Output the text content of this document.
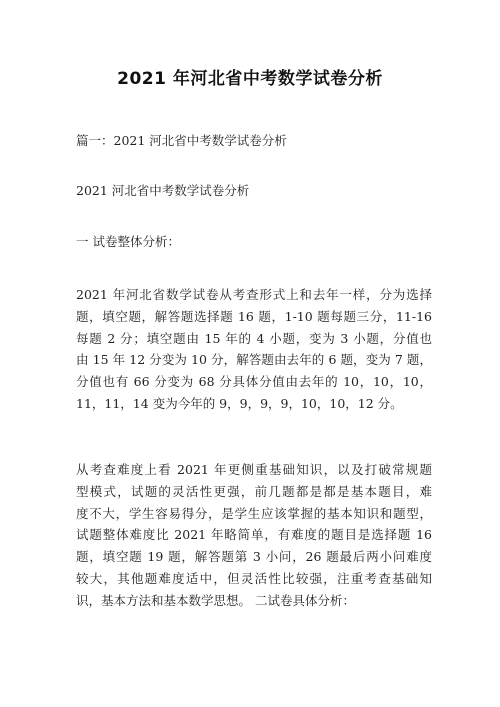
2021 年河北省中考数学试卷分析
篇一：2021 河北省中考数学试卷分析
2021 河北省中考数学试卷分析
一 试卷整体分析：
2021 年河北省数学试卷从考查形式上和去年一样，分为选择
题，填空题，解答题选择题 16 题，1-10 题每题三分，11-16
每题 2 分；填空题由 15 年的 4 小题，变为 3 小题，分值也
由 15 年 12 分变为 10 分，解答题由去年的 6 题，变为 7 题，
分值也有 66 分变为 68 分具体分值由去年的 10，10，10，
11，11，14 变为今年的 9，9，9，9，10，10，12 分。
从考查难度上看 2021 年更侧重基础知识，以及打破常规题
型模式，试题的灵活性更强，前几题都是都是基本题目，难
度不大，学生容易得分，是学生应该掌握的基本知识和题型，
试题整体难度比 2021 年略简单，有难度的题目是选择题 16
题，填空题 19 题，解答题第 3 小问，26 题最后两小问难度
较大，其他题难度适中，但灵活性比较强，注重考查基础知
识，基本方法和基本数学思想。 二试卷具体分析：
